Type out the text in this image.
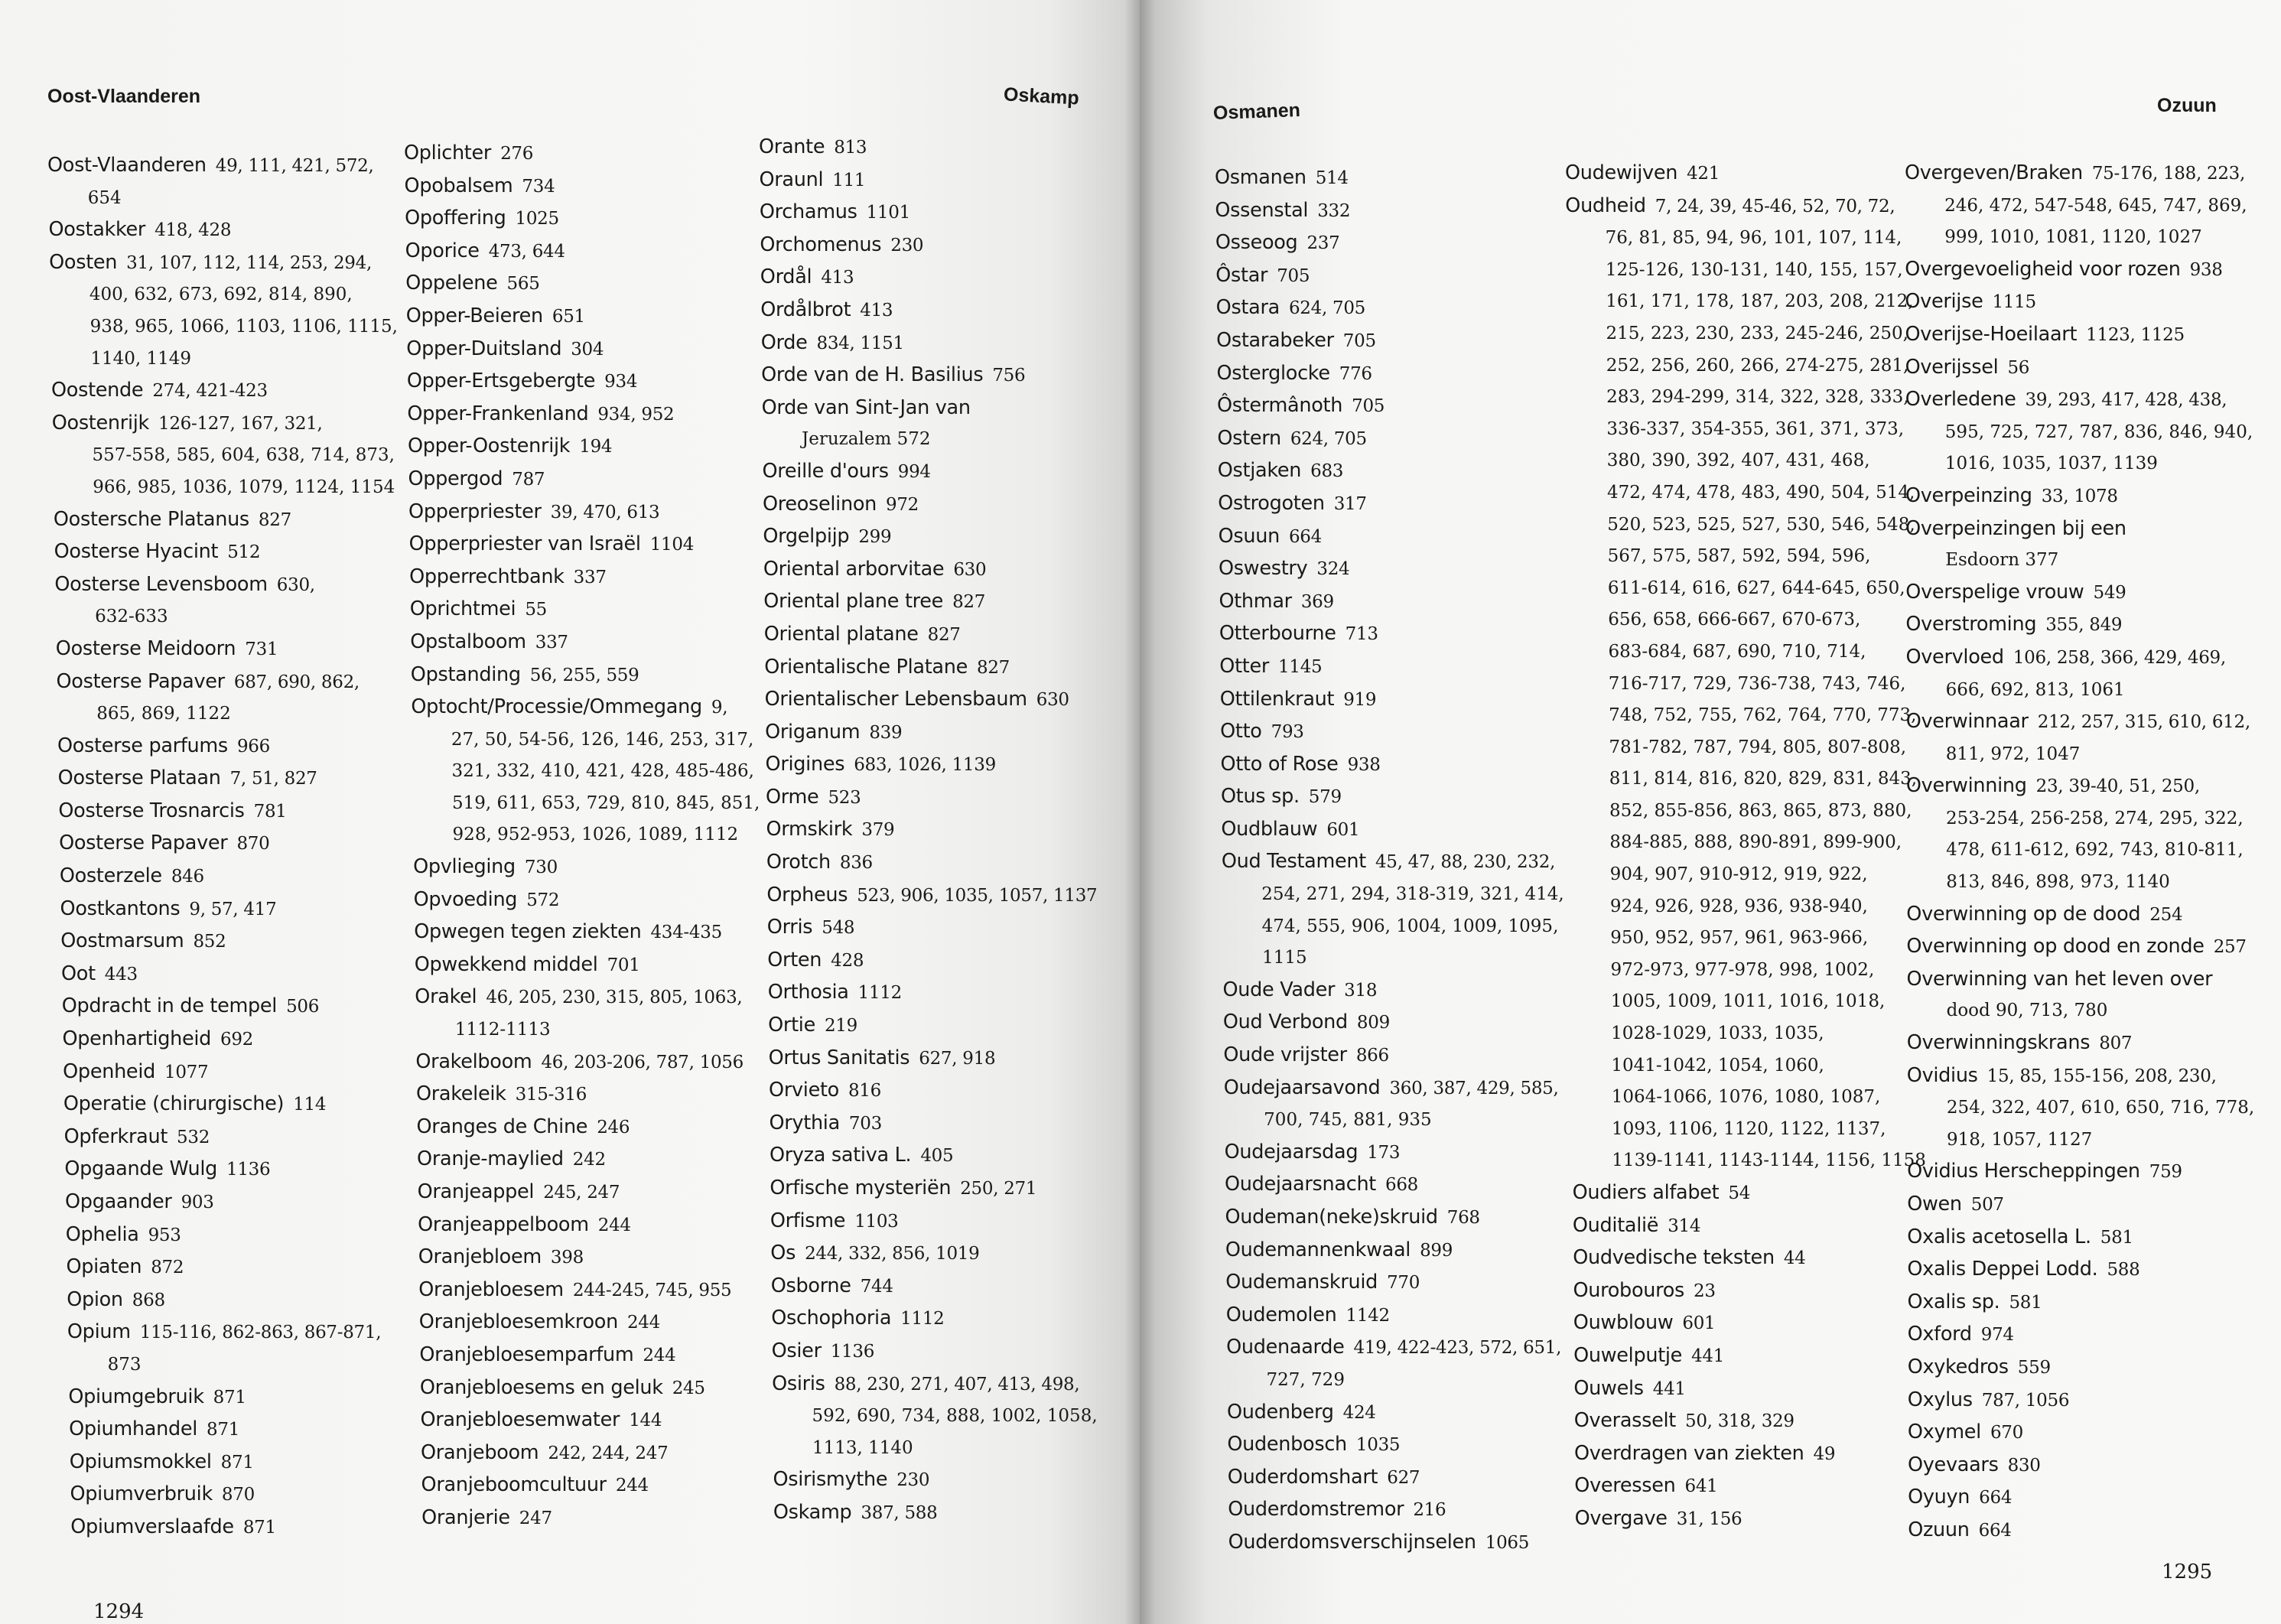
Oost-Vlaanderen	Oskamp
Oost-Vlaanderen 49, 111, 421, 572,
654
Oostakker 418, 428
Oosten 31, 107, 112, 114, 253, 294,
400, 632, 673, 692, 814, 890,
938, 965, 1066, 1103, 1106, 1115,
1140, 1149
Oostende 274, 421-423
Oostenrijk 126-127, 167, 321,
557-558, 585, 604, 638, 714, 873,
966, 985, 1036, 1079, 1124, 1154
Oostersche Platanus 827
Oosterse Hyacint 512
Oosterse Levensboom 630,
632-633
Oosterse Meidoorn 731
Oosterse Papaver 687, 690, 862,
865, 869, 1122
Oosterse parfums 966
Oosterse Plataan 7, 51, 827
Oosterse Trosnarcis 781
Oosterse Papaver 870
Oosterzele 846
Oostkantons 9, 57, 417
Oostmarsum 852
Oot 443
Opdracht in de tempel 506
Openhartigheid 692
Openheid 1077
Operatie (chirurgische) 114
Opferkraut 532
Opgaande Wulg 1136
Opgaander 903
Ophelia 953
Opiaten 872
Opion 868
Opium 115-116, 862-863, 867-871,
873
Opiumgebruik 871
Opiumhandel 871
Opiumsmokkel 871
Opiumverbruik 870
Opiumverslaafde 871
Oplichter 276
Opobalsem 734
Opoffering 1025
Oporice 473, 644
Oppelene 565
Opper-Beieren 651
Opper-Duitsland 304
Opper-Ertsgebergte 934
Opper-Frankenland 934, 952
Opper-Oostenrijk 194
Oppergod 787
Opperpriester 39, 470, 613
Opperpriester van Israël 1104
Opperrechtbank 337
Oprichtmei 55
Opstalboom 337
Opstanding 56, 255, 559
Optocht/Processie/Ommegang 9,
27, 50, 54-56, 126, 146, 253, 317,
321, 332, 410, 421, 428, 485-486,
519, 611, 653, 729, 810, 845, 851,
928, 952-953, 1026, 1089, 1112
Opvlieging 730
Opvoeding 572
Opwegen tegen ziekten 434-435
Opwekkend middel 701
Orakel 46, 205, 230, 315, 805, 1063,
1112-1113
Orakelboom 46, 203-206, 787, 1056
Orakeleik 315-316
Oranges de Chine 246
Oranje-maylied 242
Oranjeappel 245, 247
Oranjeappelboom 244
Oranjebloem 398
Oranjebloesem 244-245, 745, 955
Oranjebloesemkroon 244
Oranjebloesemparfum 244
Oranjebloesems en geluk 245
Oranjebloesemwater 144
Oranjeboom 242, 244, 247
Oranjeboomcultuur 244
Oranjerie 247
Orante 813
Oraunl 111
Orchamus 1101
Orchomenus 230
Ordål 413
Ordålbrot 413
Orde 834, 1151
Orde van de H. Basilius 756
Orde van Sint-Jan van
Jeruzalem 572
Oreille d'ours 994
Oreoselinon 972
Orgelpijp 299
Oriental arborvitae 630
Oriental plane tree 827
Oriental platane 827
Orientalische Platane 827
Orientalischer Lebensbaum 630
Origanum 839
Origines 683, 1026, 1139
Orme 523
Ormskirk 379
Orotch 836
Orpheus 523, 906, 1035, 1057, 1137
Orris 548
Orten 428
Orthosia 1112
Ortie 219
Ortus Sanitatis 627, 918
Orvieto 816
Orythia 703
Oryza sativa L. 405
Orfische mysteriën 250, 271
Orfisme 1103
Os 244, 332, 856, 1019
Osborne 744
Oschophoria 1112
Osier 1136
Osiris 88, 230, 271, 407, 413, 498,
592, 690, 734, 888, 1002, 1058,
1113, 1140
Osirismythe 230
Oskamp 387, 588
1294
Osmanen	Ozuun
Osmanen 514
Ossenstal 332
Osseoog 237
Ôstar 705
Ostara 624, 705
Ostarabeker 705
Osterglocke 776
Ôstermânoth 705
Ostern 624, 705
Ostjaken 683
Ostrogoten 317
Osuun 664
Oswestry 324
Othmar 369
Otterbourne 713
Otter 1145
Ottilenkraut 919
Otto 793
Otto of Rose 938
Otus sp. 579
Oudblauw 601
Oud Testament 45, 47, 88, 230, 232,
254, 271, 294, 318-319, 321, 414,
474, 555, 906, 1004, 1009, 1095,
1115
Oude Vader 318
Oud Verbond 809
Oude vrijster 866
Oudejaarsavond 360, 387, 429, 585,
700, 745, 881, 935
Oudejaarsdag 173
Oudejaarsnacht 668
Oudeman(neke)skruid 768
Oudemannenkwaal 899
Oudemanskruid 770
Oudemolen 1142
Oudenaarde 419, 422-423, 572, 651,
727, 729
Oudenberg 424
Oudenbosch 1035
Ouderdomshart 627
Ouderdomstremor 216
Ouderdomsverschijnselen 1065
Oudewijven 421
Oudheid 7, 24, 39, 45-46, 52, 70, 72,
76, 81, 85, 94, 96, 101, 107, 114,
125-126, 130-131, 140, 155, 157,
161, 171, 178, 187, 203, 208, 212,
215, 223, 230, 233, 245-246, 250,
252, 256, 260, 266, 274-275, 281,
283, 294-299, 314, 322, 328, 333,
336-337, 354-355, 361, 371, 373,
380, 390, 392, 407, 431, 468,
472, 474, 478, 483, 490, 504, 514,
520, 523, 525, 527, 530, 546, 548,
567, 575, 587, 592, 594, 596,
611-614, 616, 627, 644-645, 650,
656, 658, 666-667, 670-673,
683-684, 687, 690, 710, 714,
716-717, 729, 736-738, 743, 746,
748, 752, 755, 762, 764, 770, 773,
781-782, 787, 794, 805, 807-808,
811, 814, 816, 820, 829, 831, 843,
852, 855-856, 863, 865, 873, 880,
884-885, 888, 890-891, 899-900,
904, 907, 910-912, 919, 922,
924, 926, 928, 936, 938-940,
950, 952, 957, 961, 963-966,
972-973, 977-978, 998, 1002,
1005, 1009, 1011, 1016, 1018,
1028-1029, 1033, 1035,
1041-1042, 1054, 1060,
1064-1066, 1076, 1080, 1087,
1093, 1106, 1120, 1122, 1137,
1139-1141, 1143-1144, 1156, 1158
Oudiers alfabet 54
Ouditalië 314
Oudvedische teksten 44
Ourobouros 23
Ouwblouw 601
Ouwelputje 441
Ouwels 441
Overasselt 50, 318, 329
Overdragen van ziekten 49
Overessen 641
Overgave 31, 156
Overgeven/Braken 75-176, 188, 223,
246, 472, 547-548, 645, 747, 869,
999, 1010, 1081, 1120, 1027
Overgevoeligheid voor rozen 938
Overijse 1115
Overijse-Hoeilaart 1123, 1125
Overijssel 56
Overledene 39, 293, 417, 428, 438,
595, 725, 727, 787, 836, 846, 940,
1016, 1035, 1037, 1139
Overpeinzing 33, 1078
Overpeinzingen bij een
Esdoorn 377
Overspelige vrouw 549
Overstroming 355, 849
Overvloed 106, 258, 366, 429, 469,
666, 692, 813, 1061
Overwinnaar 212, 257, 315, 610, 612,
811, 972, 1047
Overwinning 23, 39-40, 51, 250,
253-254, 256-258, 274, 295, 322,
478, 611-612, 692, 743, 810-811,
813, 846, 898, 973, 1140
Overwinning op de dood 254
Overwinning op dood en zonde 257
Overwinning van het leven over
dood 90, 713, 780
Overwinningskrans 807
Ovidius 15, 85, 155-156, 208, 230,
254, 322, 407, 610, 650, 716, 778,
918, 1057, 1127
Ovidius Herscheppingen 759
Owen 507
Oxalis acetosella L. 581
Oxalis Deppei Lodd. 588
Oxalis sp. 581
Oxford 974
Oxykedros 559
Oxylus 787, 1056
Oxymel 670
Oyevaars 830
Oyuyn 664
Ozuun 664
1295
